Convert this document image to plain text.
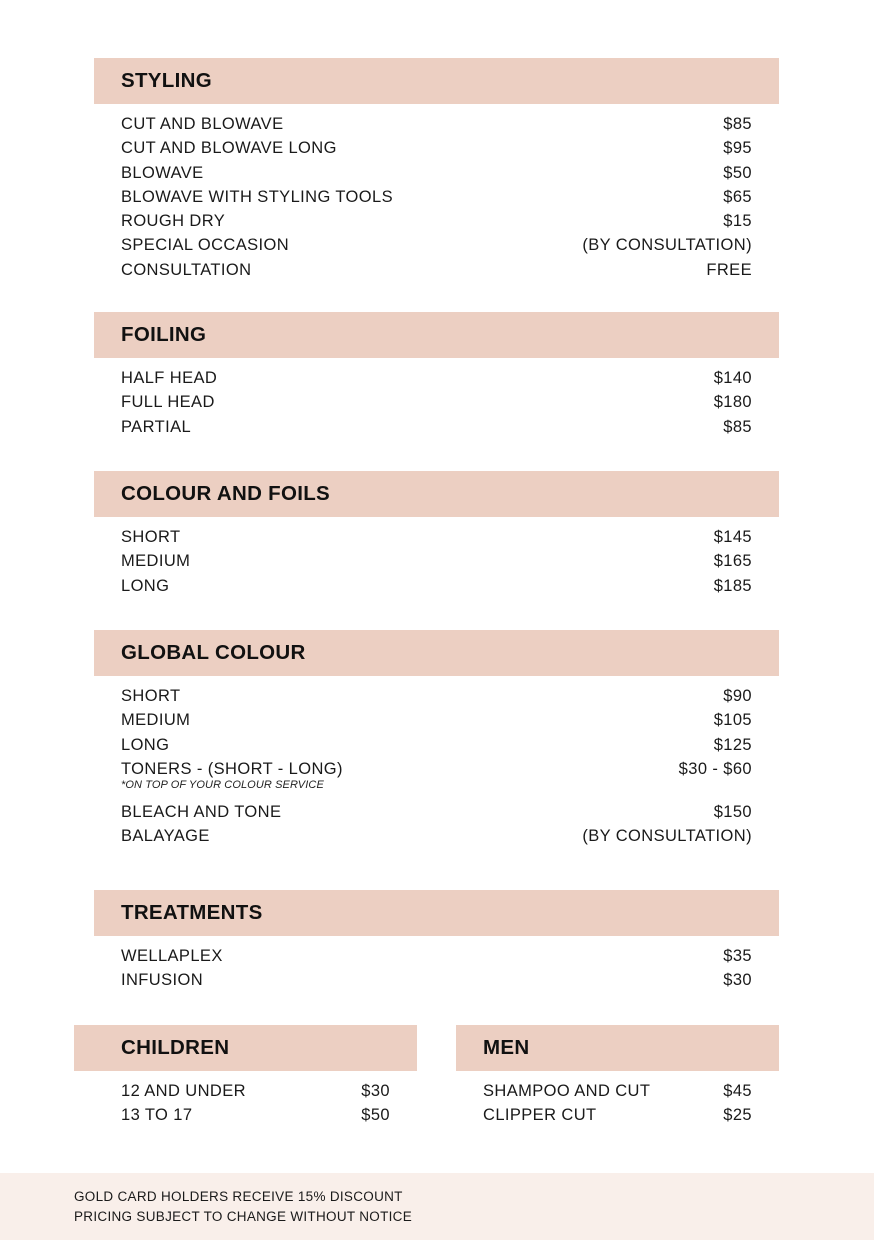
STYLING
CUT AND BLOWAVE	$85
CUT AND BLOWAVE LONG	$95
BLOWAVE	$50
BLOWAVE WITH STYLING TOOLS	$65
ROUGH DRY	$15
SPECIAL OCCASION	(BY CONSULTATION)
CONSULTATION	FREE
FOILING
HALF HEAD	$140
FULL HEAD	$180
PARTIAL	$85
COLOUR AND FOILS
SHORT	$145
MEDIUM	$165
LONG	$185
GLOBAL COLOUR
SHORT	$90
MEDIUM	$105
LONG	$125
TONERS - (SHORT - LONG)	$30 - $60
*ON TOP OF YOUR COLOUR SERVICE
BLEACH AND TONE	$150
BALAYAGE	(BY CONSULTATION)
TREATMENTS
WELLAPLEX	$35
INFUSION	$30
CHILDREN
12 AND UNDER	$30
13 TO 17	$50
MEN
SHAMPOO AND CUT	$45
CLIPPER CUT	$25
GOLD CARD HOLDERS RECEIVE 15% DISCOUNT
PRICING SUBJECT TO CHANGE WITHOUT NOTICE
